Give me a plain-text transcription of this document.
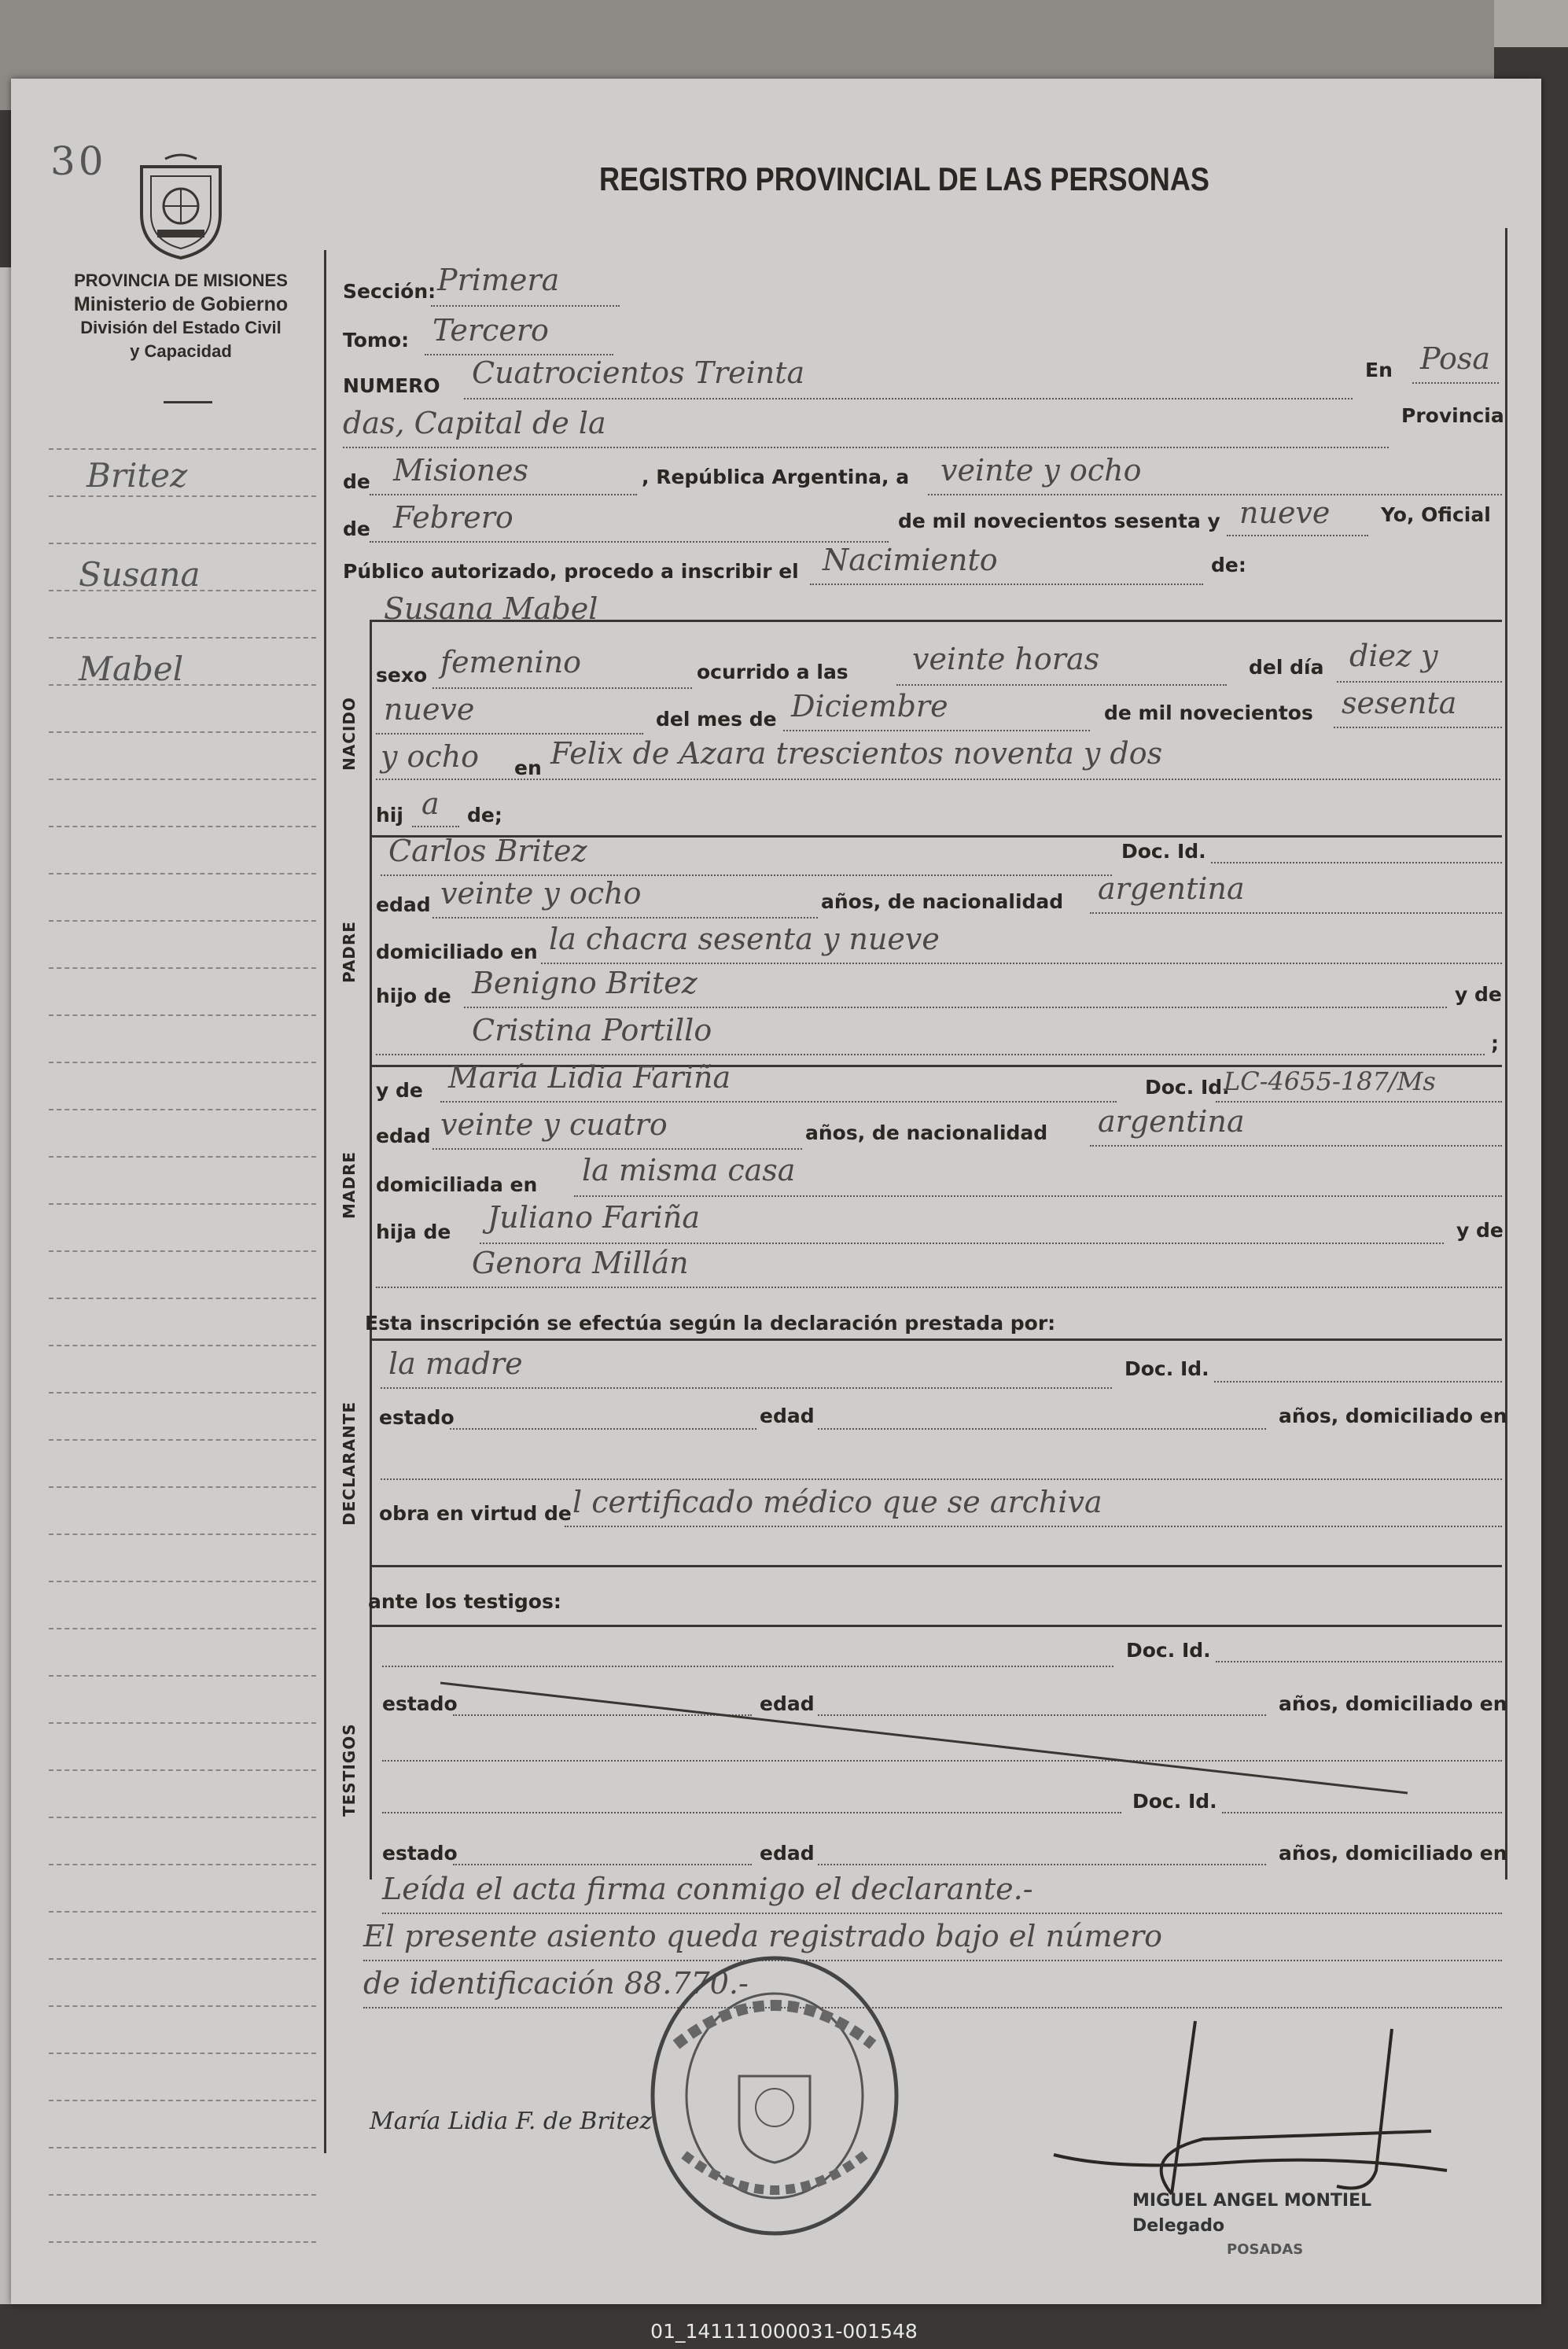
30
PROVINCIA DE MISIONES
Ministerio de Gobierno
División del Estado Civil
y Capacidad
REGISTRO PROVINCIAL DE LAS PERSONAS
Britez
Susana
Mabel
Sección: Primera
Tomo: Tercero
NUMERO Cuatrocientos Treinta	En Posa
das, Capital de la	Provincia
de Misiones	, República Argentina, a veinte y ocho
de Febrero	de mil novecientos sesenta y nueve	Yo, Oficial
Público autorizado, procedo a inscribir el Nacimiento	de:
Susana Mabel
NACIDO
sexo femenino	ocurrido a las veinte horas	del día diez y
nueve	del mes de Diciembre	de mil novecientos sesenta
y ocho en Felix de Azara trescientos noventa y dos
hij a de;
PADRE
Carlos Britez	Doc. Id.
edad veinte y ocho	años, de nacionalidad argentina
domiciliado en la chacra sesenta y nueve
hijo de Benigno Britez	y de
Cristina Portillo	;
MADRE
y de María Lidia Fariña	Doc. Id.
LC-4655-187/Ms
edad veinte y cuatro	años, de nacionalidad argentina
domiciliada en la misma casa
hija de Juliano Fariña	y de
Genora Millán
Esta inscripción se efectúa según la declaración prestada por:
DECLARANTE
la madre	Doc. Id.
estado	edad	años, domiciliado en
obra en virtud de l certificado médico que se archiva
ante los testigos:
TESTIGOS
Doc. Id.
estado	edad	años, domiciliado en
Doc. Id.
estado	edad	años, domiciliado en
Leída el acta firma conmigo el declarante.-
El presente asiento queda registrado bajo el número
de identificación 88.770.-
María Lidia F. de Britez
MIGUEL ANGEL MONTIEL
Delegado
POSADAS
01_141111000031-001548
